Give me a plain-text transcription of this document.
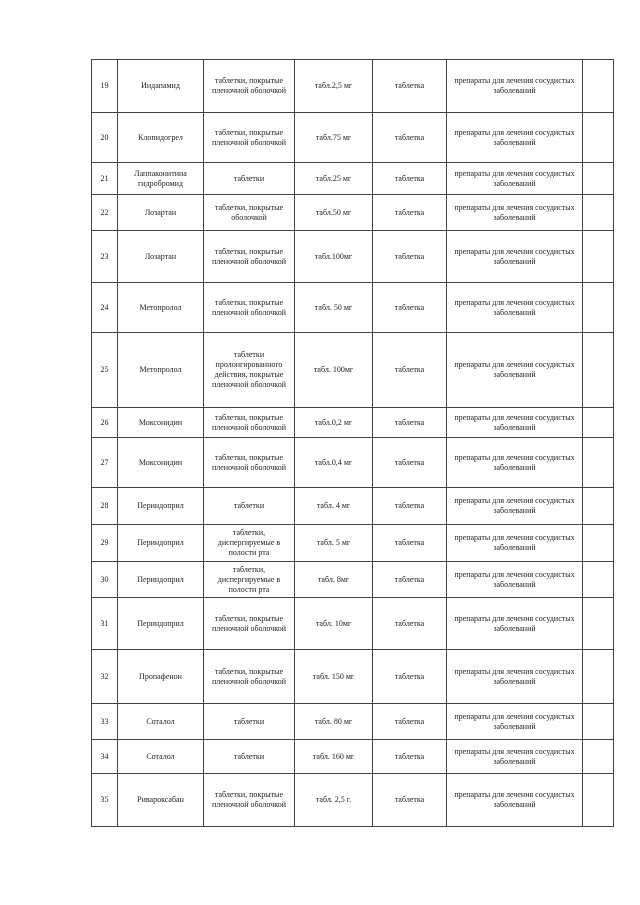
19	Индапамид	таблетки, покрытые пленочной оболочкой	табл.2,5 мг	таблетка	препараты для лечения сосудистых заболеваний	
20	Клопидогрел	таблетки, покрытые пленочной оболочкой	табл.75 мг	таблетка	препараты для лечения сосудистых заболеваний	
21	Лаппаконитина гидробромид	таблетки	табл.25 мг	таблетка	препараты для лечения сосудистых заболеваний	
22	Лозартан	таблетки, покрытые оболочкой	табл.50 мг	таблетка	препараты для лечения сосудистых заболеваний	
23	Лозартан	таблетки, покрытые пленочной оболочкой	табл.100мг	таблетка	препараты для лечения сосудистых заболеваний	
24	Метопролол	таблетки, покрытые пленочной оболочкой	табл. 50 мг	таблетка	препараты для лечения сосудистых заболеваний	
25	Метопролол	таблетки пролонгированного действия, покрытые пленочной оболочкой	табл. 100мг	таблетка	препараты для лечения сосудистых заболеваний	
26	Моксонидин	таблетки, покрытые пленочной оболочкой	табл.0,2 мг	таблетка	препараты для лечения сосудистых заболеваний	
27	Моксонидин	таблетки, покрытые пленочной оболочкой	табл.0,4 мг	таблетка	препараты для лечения сосудистых заболеваний	
28	Периндоприл	таблетки	табл. 4 мг	таблетка	препараты для лечения сосудистых заболеваний	
29	Периндоприл	таблетки, диспергируемые в полости рта	табл. 5 мг	таблетка	препараты для лечения сосудистых заболеваний	
30	Периндоприл	таблетки, диспергируемые в полости рта	табл. 8мг	таблетка	препараты для лечения сосудистых заболеваний	
31	Периндоприл	таблетки, покрытые пленочной оболочкой	табл. 10мг	таблетка	препараты для лечения сосудистых заболеваний	
32	Пропафенон	таблетки, покрытые пленочной оболочкой	табл. 150 мг	таблетка	препараты для лечения сосудистых заболеваний	
33	Соталол	таблетки	табл. 80 мг	таблетка	препараты для лечения сосудистых заболеваний	
34	Соталол	таблетки	табл. 160 мг	таблетка	препараты для лечения сосудистых заболеваний	
35	Ривароксабан	таблетки, покрытые пленочной оболочкой	табл. 2,5 г.	таблетка	препараты для лечения сосудистых заболеваний	
